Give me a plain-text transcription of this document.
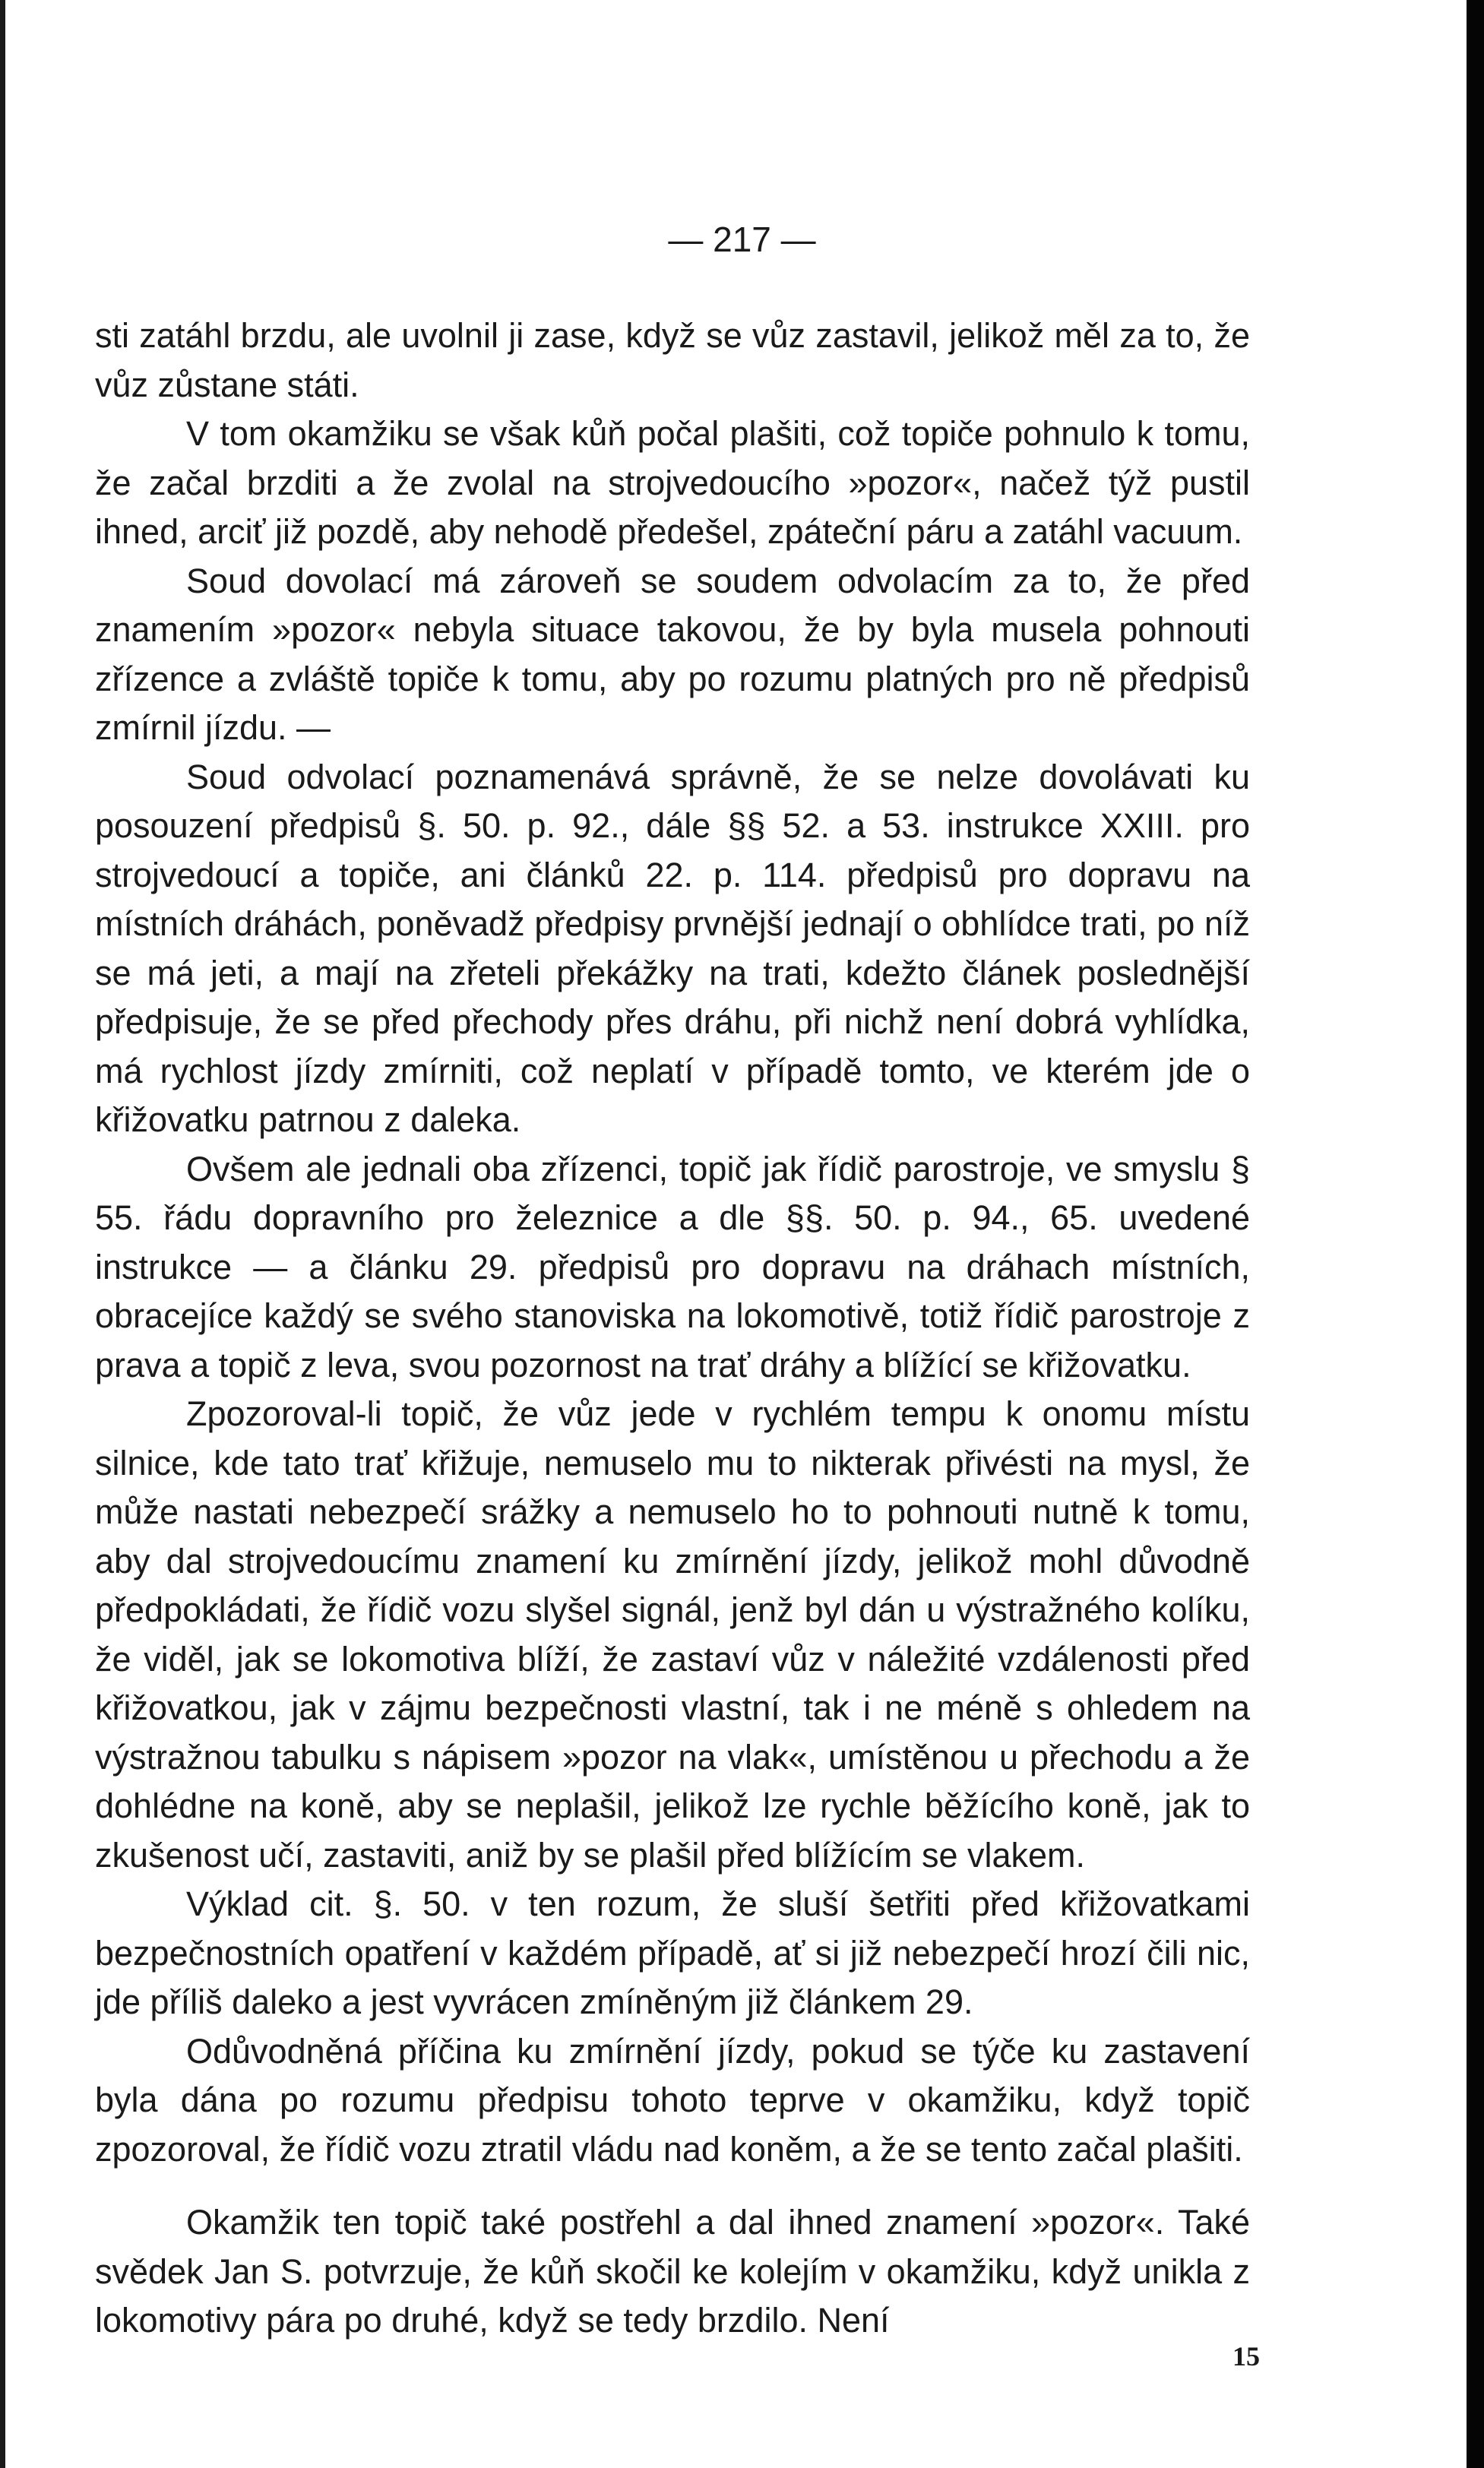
— 217 —

sti zatáhl brzdu, ale uvolnil ji zase, když se vůz zastavil, jelikož měl za to, že vůz zůstane státi.

V tom okamžiku se však kůň počal plašiti, což topiče pohnulo k tomu, že začal brzditi a že zvolal na strojvedoucího »pozor«, načež týž pustil ihned, arciť již pozdě, aby nehodě předešel, zpáteční páru a zatáhl vacuum.

Soud dovolací má zároveň se soudem odvolacím za to, že před znamením »pozor« nebyla situace takovou, že by byla musela pohnouti zřízence a zvláště topiče k tomu, aby po rozumu platných pro ně předpisů zmírnil jízdu. —

Soud odvolací poznamenává správně, že se nelze dovolávati ku posouzení předpisů §. 50. p. 92., dále §§ 52. a 53. instrukce XXIII. pro strojvedoucí a topiče, ani článků 22. p. 114. předpisů pro dopravu na místních dráhách, poněvadž předpisy prvnější jednají o obhlídce trati, po níž se má jeti, a mají na zřeteli překážky na trati, kdežto článek poslednější předpisuje, že se před přechody přes dráhu, při nichž není dobrá vyhlídka, má rychlost jízdy zmírniti, což neplatí v případě tomto, ve kterém jde o křižovatku patrnou z daleka.

Ovšem ale jednali oba zřízenci, topič jak řídič parostroje, ve smyslu § 55. řádu dopravního pro železnice a dle §§. 50. p. 94., 65. uvedené instrukce — a článku 29. předpisů pro dopravu na dráhach místních, obracejíce každý se svého stanoviska na lokomotivě, totiž řídič parostroje z prava a topič z leva, svou pozornost na trať dráhy a blížící se křižovatku.

Zpozoroval-li topič, že vůz jede v rychlém tempu k onomu místu silnice, kde tato trať křižuje, nemuselo mu to nikterak přivésti na mysl, že může nastati nebezpečí srážky a nemuselo ho to pohnouti nutně k tomu, aby dal strojvedoucímu znamení ku zmírnění jízdy, jelikož mohl důvodně předpokládati, že řídič vozu slyšel signál, jenž byl dán u výstražného kolíku, že viděl, jak se lokomotiva blíží, že zastaví vůz v náležité vzdálenosti před křižovatkou, jak v zájmu bezpečnosti vlastní, tak i ne méně s ohledem na výstražnou tabulku s nápisem »pozor na vlak«, umístěnou u přechodu a že dohlédne na koně, aby se neplašil, jelikož lze rychle běžícího koně, jak to zkušenost učí, zastaviti, aniž by se plašil před blížícím se vlakem.

Výklad cit. §. 50. v ten rozum, že sluší šetřiti před křižovatkami bezpečnostních opatření v každém případě, ať si již nebezpečí hrozí čili nic, jde příliš daleko a jest vyvrácen zmíněným již článkem 29.

Odůvodněná příčina ku zmírnění jízdy, pokud se týče ku zastavení byla dána po rozumu předpisu tohoto teprve v okamžiku, když topič zpozoroval, že řídič vozu ztratil vládu nad koněm, a že se tento začal plašiti.

Okamžik ten topič také postřehl a dal ihned znamení »pozor«. Také svědek Jan S. potvrzuje, že kůň skočil ke kolejím v okamžiku, když unikla z lokomotivy pára po druhé, když se tedy brzdilo. Není

15
